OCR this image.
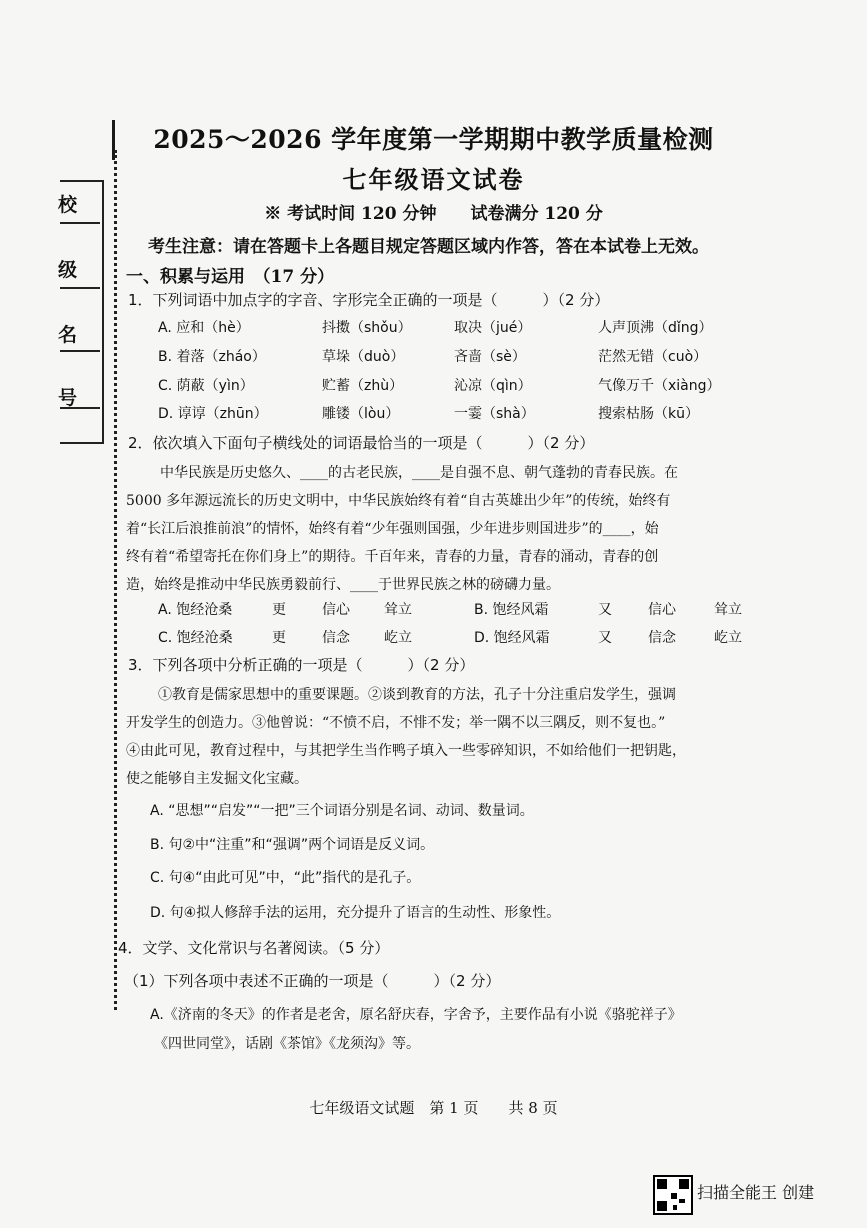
校
级
名
号
2025～2026 学年度第一学期期中教学质量检测
七年级语文试卷
※ 考试时间 120 分钟　　试卷满分 120 分
考生注意：请在答题卡上各题目规定答题区域内作答，答在本试卷上无效。
一、积累与运用　（17 分）
1．下列词语中加点字的字音、字形完全正确的一项是（　　　）（2 分）
A. 应和（hè）	抖擞（shǒu）	取决（jué）	人声顶沸（dǐng）
B. 着落（zháo）	草垛（duò）	吝啬（sè）	茫然无错（cuò）
C. 荫蔽（yìn）	贮蓄（zhù）	沁凉（qìn）	气像万千（xiàng）
D. 谆谆（zhūn）	雕镂（lòu）	一霎（shà）	搜索枯肠（kū）
2．依次填入下面句子横线处的词语最恰当的一项是（　　　）（2 分）
中华民族是历史悠久、____的古老民族，____是自强不息、朝气蓬勃的青春民族。在
5000 多年源远流长的历史文明中，中华民族始终有着“自古英雄出少年”的传统，始终有
着“长江后浪推前浪”的情怀，始终有着“少年强则国强，少年进步则国进步”的____，始
终有着“希望寄托在你们身上”的期待。千百年来，青春的力量，青春的涌动，青春的创
造，始终是推动中华民族勇毅前行、____于世界民族之林的磅礴力量。
A. 饱经沧桑	更	信心 耸立	B. 饱经风霜	又	信心	耸立
C. 饱经沧桑	更	信念 屹立	D. 饱经风霜	又	信念	屹立
3．下列各项中分析正确的一项是（　　　）（2 分）
①教育是儒家思想中的重要课题。②谈到教育的方法，孔子十分注重启发学生，强调
开发学生的创造力。③他曾说：“不愤不启，不悱不发；举一隅不以三隅反，则不复也。”
④由此可见，教育过程中，与其把学生当作鸭子填入一些零碎知识，不如给他们一把钥匙，
使之能够自主发掘文化宝藏。
A. “思想”“启发”“一把”三个词语分别是名词、动词、数量词。
B. 句②中“注重”和“强调”两个词语是反义词。
C. 句④“由此可见”中，“此”指代的是孔子。
D. 句④拟人修辞手法的运用，充分提升了语言的生动性、形象性。
4．文学、文化常识与名著阅读。（5 分）
（1）下列各项中表述不正确的一项是（　　　）（2 分）
A.《济南的冬天》的作者是老舍，原名舒庆春，字舍予，主要作品有小说《骆驼祥子》
《四世同堂》，话剧《茶馆》《龙须沟》等。
七年级语文试题　第 1 页　　共 8 页
扫描全能王 创建
